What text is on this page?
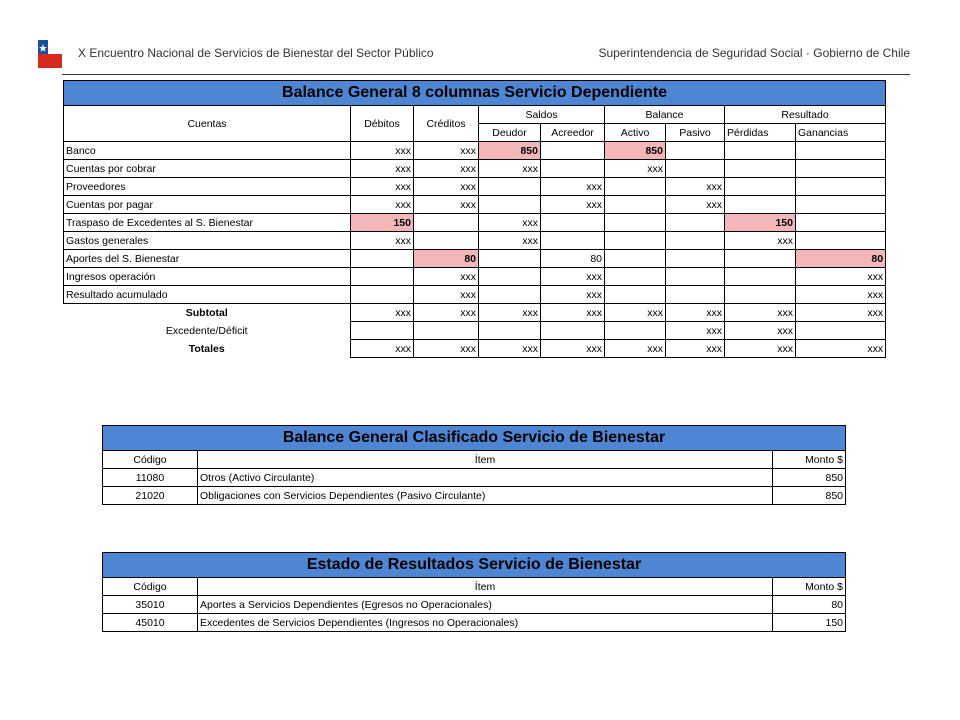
X Encuentro Nacional de Servicios de Bienestar del Sector Público	Superintendencia de Seguridad Social · Gobierno de Chile
Balance General 8 columnas Servicio Dependiente								
Cuentas	Débitos	Créditos	Saldos		Balance		Resultado	
			Deudor	Acreedor	Activo	Pasivo	Pérdidas	Ganancias
Banco	xxx	xxx	850		850			
Cuentas por cobrar	xxx	xxx	xxx		xxx			
Proveedores	xxx	xxx		xxx		xxx		
Cuentas por pagar	xxx	xxx		xxx		xxx		
Traspaso de Excedentes al S. Bienestar	150		xxx				150	
Gastos generales	xxx		xxx				xxx	
Aportes del S. Bienestar		80		80				80
Ingresos operación		xxx		xxx				xxx
Resultado acumulado		xxx		xxx				xxx
Subtotal	xxx	xxx	xxx	xxx	xxx	xxx	xxx	xxx
Excedente/Déficit						xxx	xxx	
Totales	xxx	xxx	xxx	xxx	xxx	xxx	xxx	xxx
Balance General Clasificado Servicio de Bienestar		
Código	Ítem	Monto $
11080	Otros (Activo Circulante)	850
21020	Obligaciones con Servicios Dependientes (Pasivo Circulante)	850
Estado de Resultados Servicio de Bienestar		
Código	Ítem	Monto $
35010	Aportes a Servicios Dependientes (Egresos no Operacionales)	80
45010	Excedentes de Servicios Dependientes (Ingresos no Operacionales)	150
